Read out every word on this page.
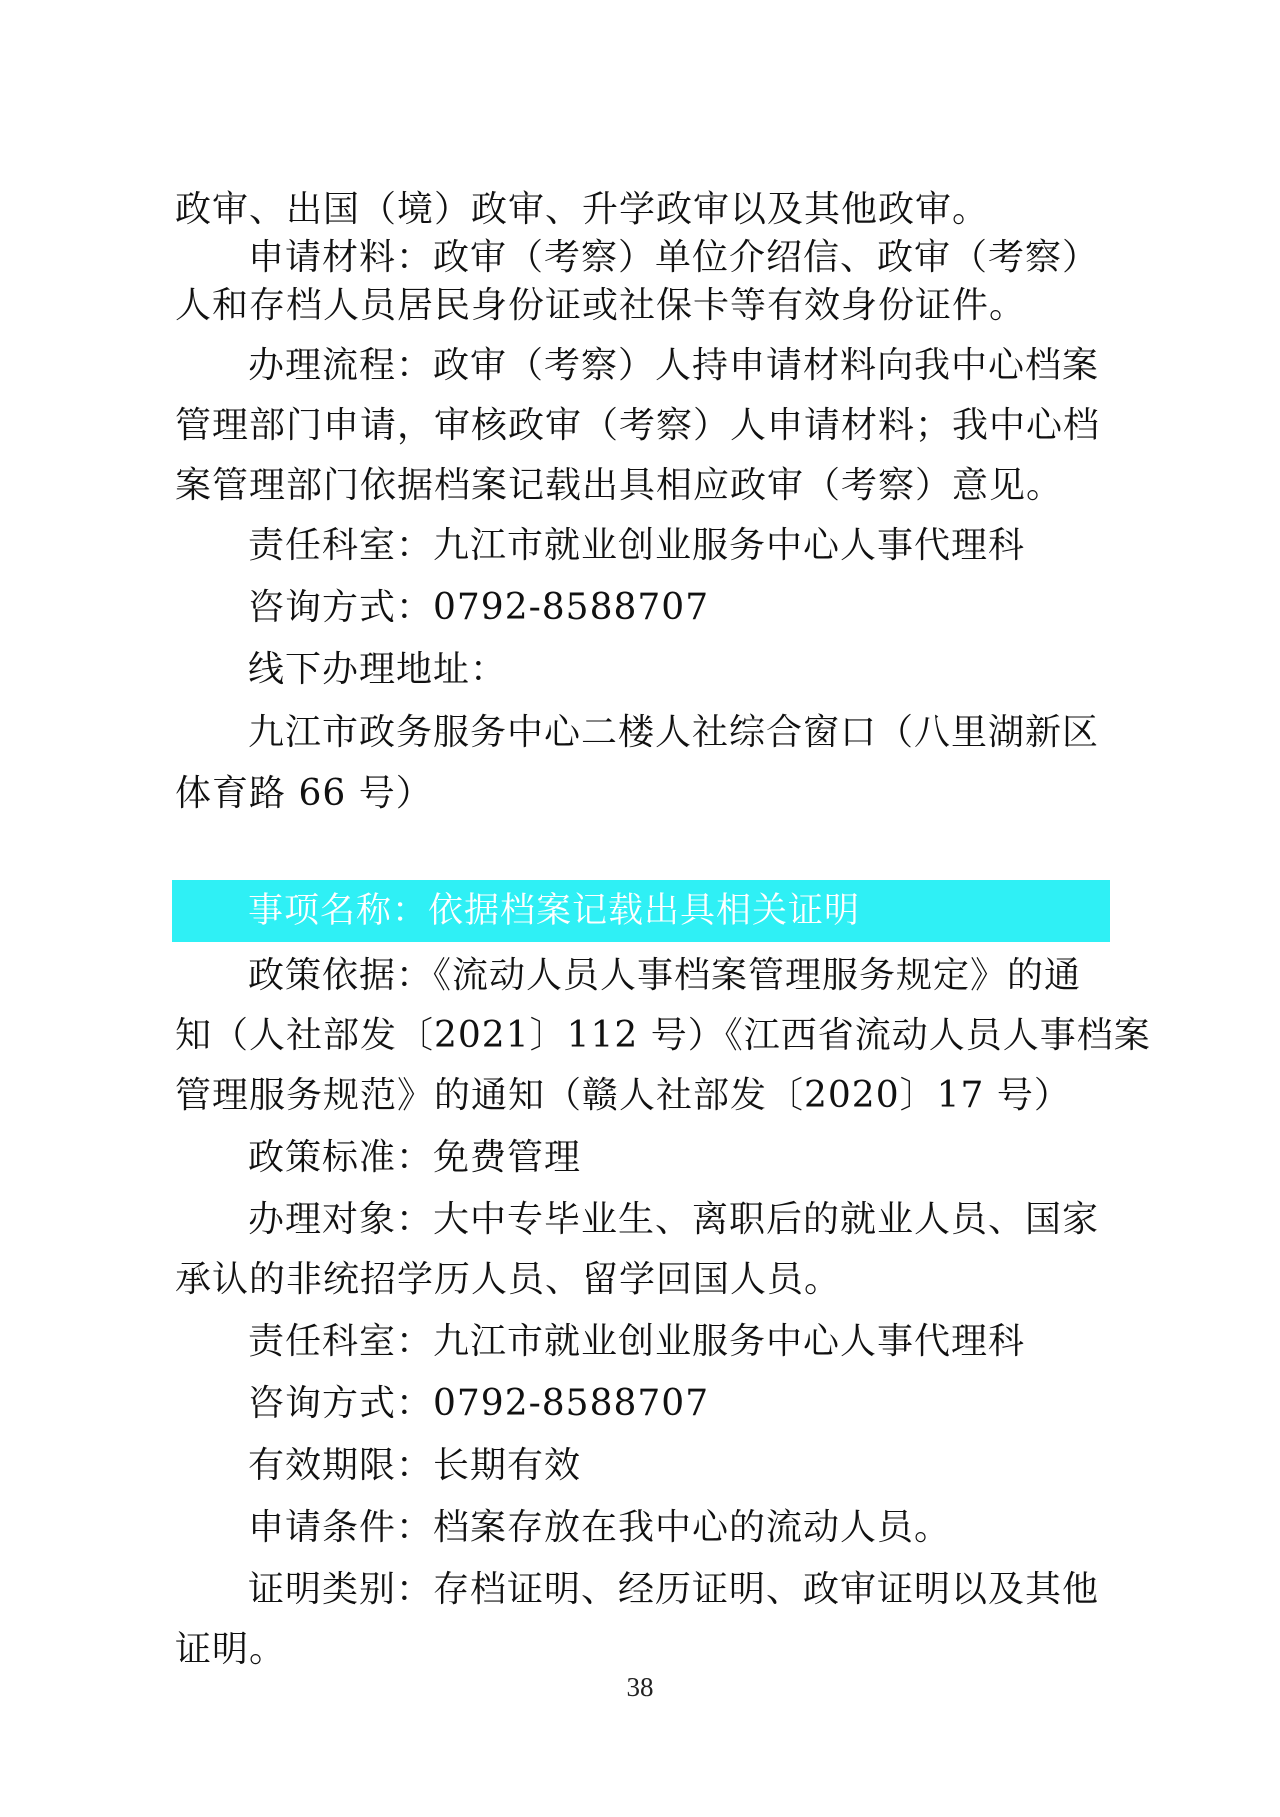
政审、出国（境）政审、升学政审以及其他政审。
申请材料：政审（考察）单位介绍信、政审（考察）
人和存档人员居民身份证或社保卡等有效身份证件。
办理流程：政审（考察）人持申请材料向我中心档案
管理部门申请，审核政审（考察）人申请材料；我中心档
案管理部门依据档案记载出具相应政审（考察）意见。
责任科室：九江市就业创业服务中心人事代理科
咨询方式：0792-8588707
线下办理地址：
九江市政务服务中心二楼人社综合窗口（八里湖新区
体育路 66 号）
事项名称：依据档案记载出具相关证明
政策依据：《流动人员人事档案管理服务规定》的通
知（人社部发〔2021〕112 号）《江西省流动人员人事档案
管理服务规范》的通知（赣人社部发〔2020〕17 号）
政策标准：免费管理
办理对象：大中专毕业生、离职后的就业人员、国家
承认的非统招学历人员、留学回国人员。
责任科室：九江市就业创业服务中心人事代理科
咨询方式：0792-8588707
有效期限：长期有效
申请条件：档案存放在我中心的流动人员。
证明类别：存档证明、经历证明、政审证明以及其他
证明。
38
